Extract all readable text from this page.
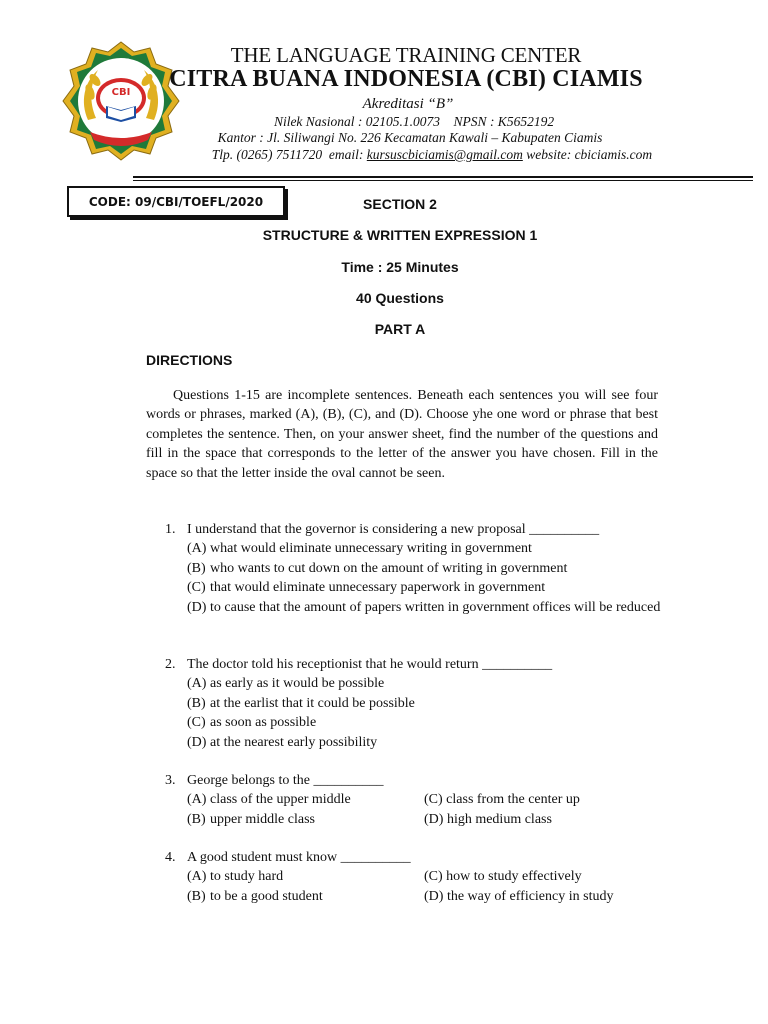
CBI
THE LANGUAGE TRAINING CENTER
CITRA BUANA INDONESIA (CBI) CIAMIS
Akreditasi “B”
Nilek Nasional : 02105.1.0073    NPSN : K5652192
Kantor : Jl. Siliwangi No. 226 Kecamatan Kawali – Kabupaten Ciamis
Tlp. (0265) 7511720  email: kursuscbiciamis@gmail.com website: cbiciamis.com
CODE: 09/CBI/TOEFL/2020	SECTION 2
STRUCTURE & WRITTEN EXPRESSION 1
Time : 25 Minutes
40 Questions
PART A
DIRECTIONS

Questions 1-15 are incomplete sentences. Beneath each sentences you will see four words or phrases, marked (A), (B), (C), and (D). Choose yhe one word or phrase that best completes the sentence. Then, on your answer sheet, find the number of the questions and fill in the space that corresponds to the letter of the answer you have chosen. Fill in the space so that the letter inside the oval cannot be seen.

1. I understand that the governor is considering a new proposal __________
(A) what would eliminate unnecessary writing in government
(B) who wants to cut down on the amount of writing in government
(C) that would eliminate unnecessary paperwork in government
(D) to cause that the amount of papers written in government offices will be reduced
2. The doctor told his receptionist that he would return __________
(A) as early as it would be possible
(B) at the earlist that it could be possible
(C) as soon as possible
(D) at the nearest early possibility
3. George belongs to the __________
(A) class of the upper middle	(C) class from the center up
(B) upper middle class	(D) high medium class
4. A good student must know __________
(A) to study hard	(C) how to study effectively
(B) to be a good student	(D) the way of efficiency in study
